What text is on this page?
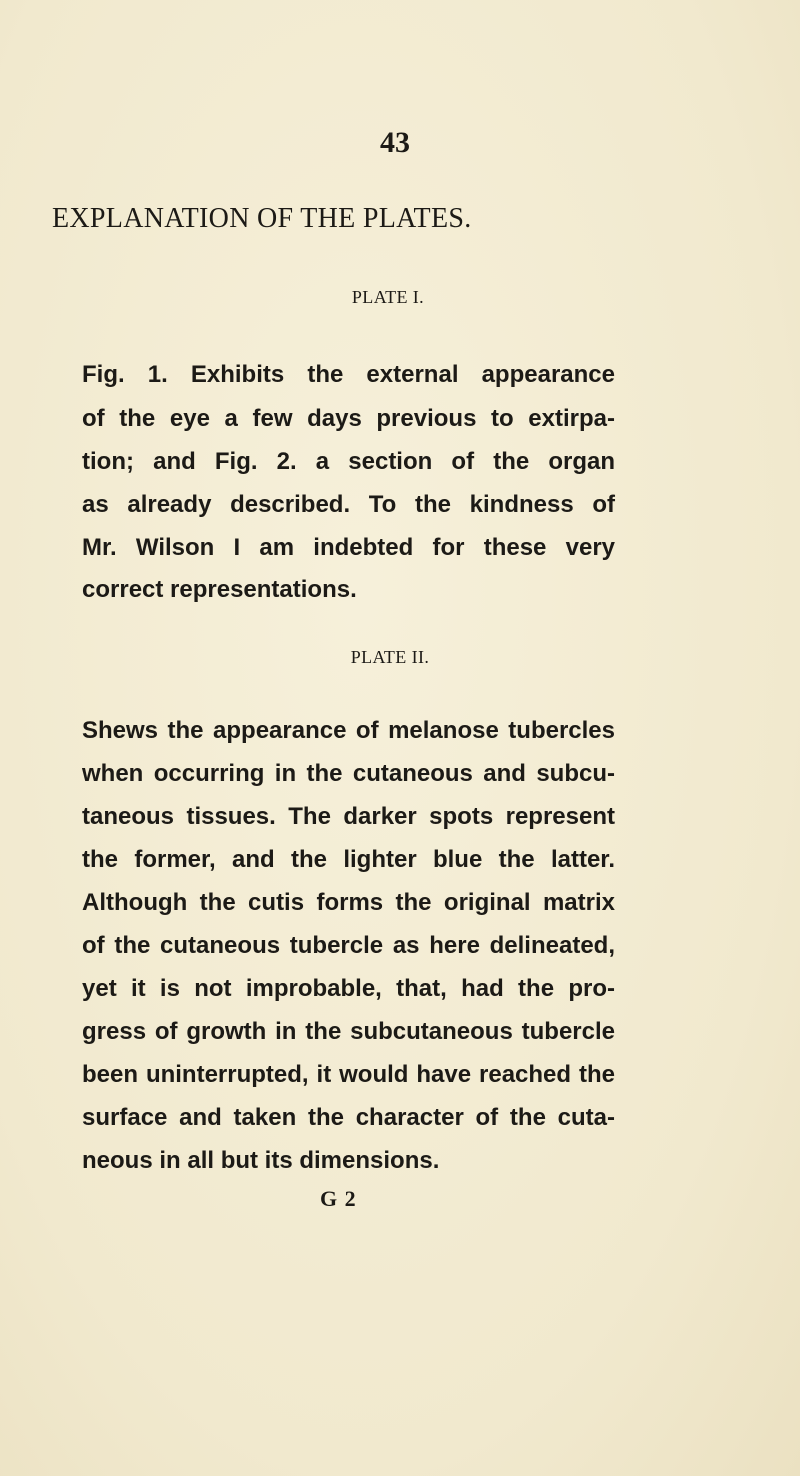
43
EXPLANATION OF THE PLATES.
PLATE I.
Fig. 1. Exhibits the external appearance
of the eye a few days previous to extirpa-
tion; and Fig. 2. a section of the organ
as already described. To the kindness of
Mr. Wilson I am indebted for these very
correct representations.
PLATE II.
Shews the appearance of melanose tubercles
when occurring in the cutaneous and subcu-
taneous tissues. The darker spots represent
the former, and the lighter blue the latter.
Although the cutis forms the original matrix
of the cutaneous tubercle as here delineated,
yet it is not improbable, that, had the pro-
gress of growth in the subcutaneous tubercle
been uninterrupted, it would have reached the
surface and taken the character of the cuta-
neous in all but its dimensions.
G 2
